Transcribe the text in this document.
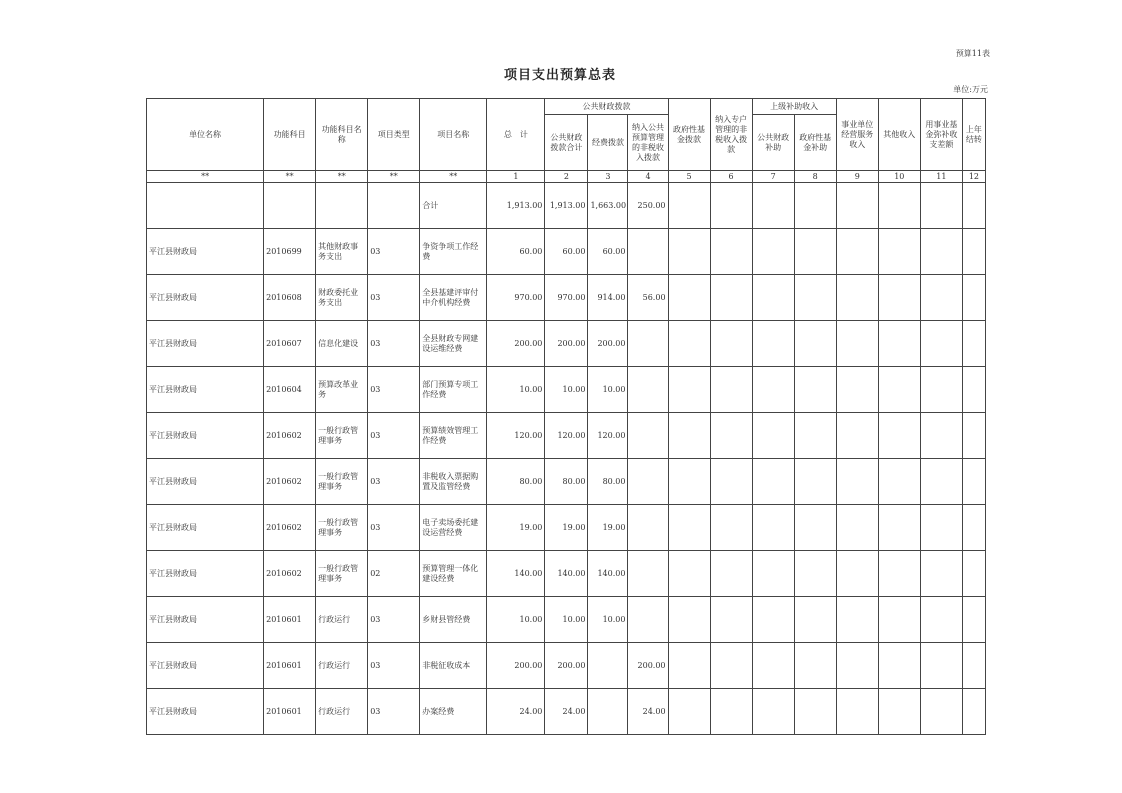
预算11表
项目支出预算总表
单位:万元
单位名称	功能科目	功能科目名称	项目类型	项目名称	总　计	公共财政拨款			政府性基金拨款	纳入专户管理的非税收入拨款	上级补助收入		事业单位经营服务收入	其他收入	用事业基金弥补收支差额	上年结转
						公共财政拨款合计	经费拨款	纳入公共预算管理的非税收入拨款			公共财政补助	政府性基金补助				
**	**	**	**	**	1	2	3	4	5	6	7	8	9	10	11	12
				合计	1,913.00	1,913.00	1,663.00	250.00								
平江县财政局	2010699	其他财政事务支出	03	争资争项工作经费	60.00	60.00	60.00									
平江县财政局	2010608	财政委托业务支出	03	全县基建评审付中介机构经费	970.00	970.00	914.00	56.00								
平江县财政局	2010607	信息化建设	03	全县财政专网建设运维经费	200.00	200.00	200.00									
平江县财政局	2010604	预算改革业务	03	部门预算专项工作经费	10.00	10.00	10.00									
平江县财政局	2010602	一般行政管理事务	03	预算绩效管理工作经费	120.00	120.00	120.00									
平江县财政局	2010602	一般行政管理事务	03	非税收入票据购置及监管经费	80.00	80.00	80.00									
平江县财政局	2010602	一般行政管理事务	03	电子卖场委托建设运营经费	19.00	19.00	19.00									
平江县财政局	2010602	一般行政管理事务	02	预算管理一体化建设经费	140.00	140.00	140.00									
平江县财政局	2010601	行政运行	03	乡财县管经费	10.00	10.00	10.00									
平江县财政局	2010601	行政运行	03	非税征收成本	200.00	200.00		200.00								
平江县财政局	2010601	行政运行	03	办案经费	24.00	24.00		24.00								
